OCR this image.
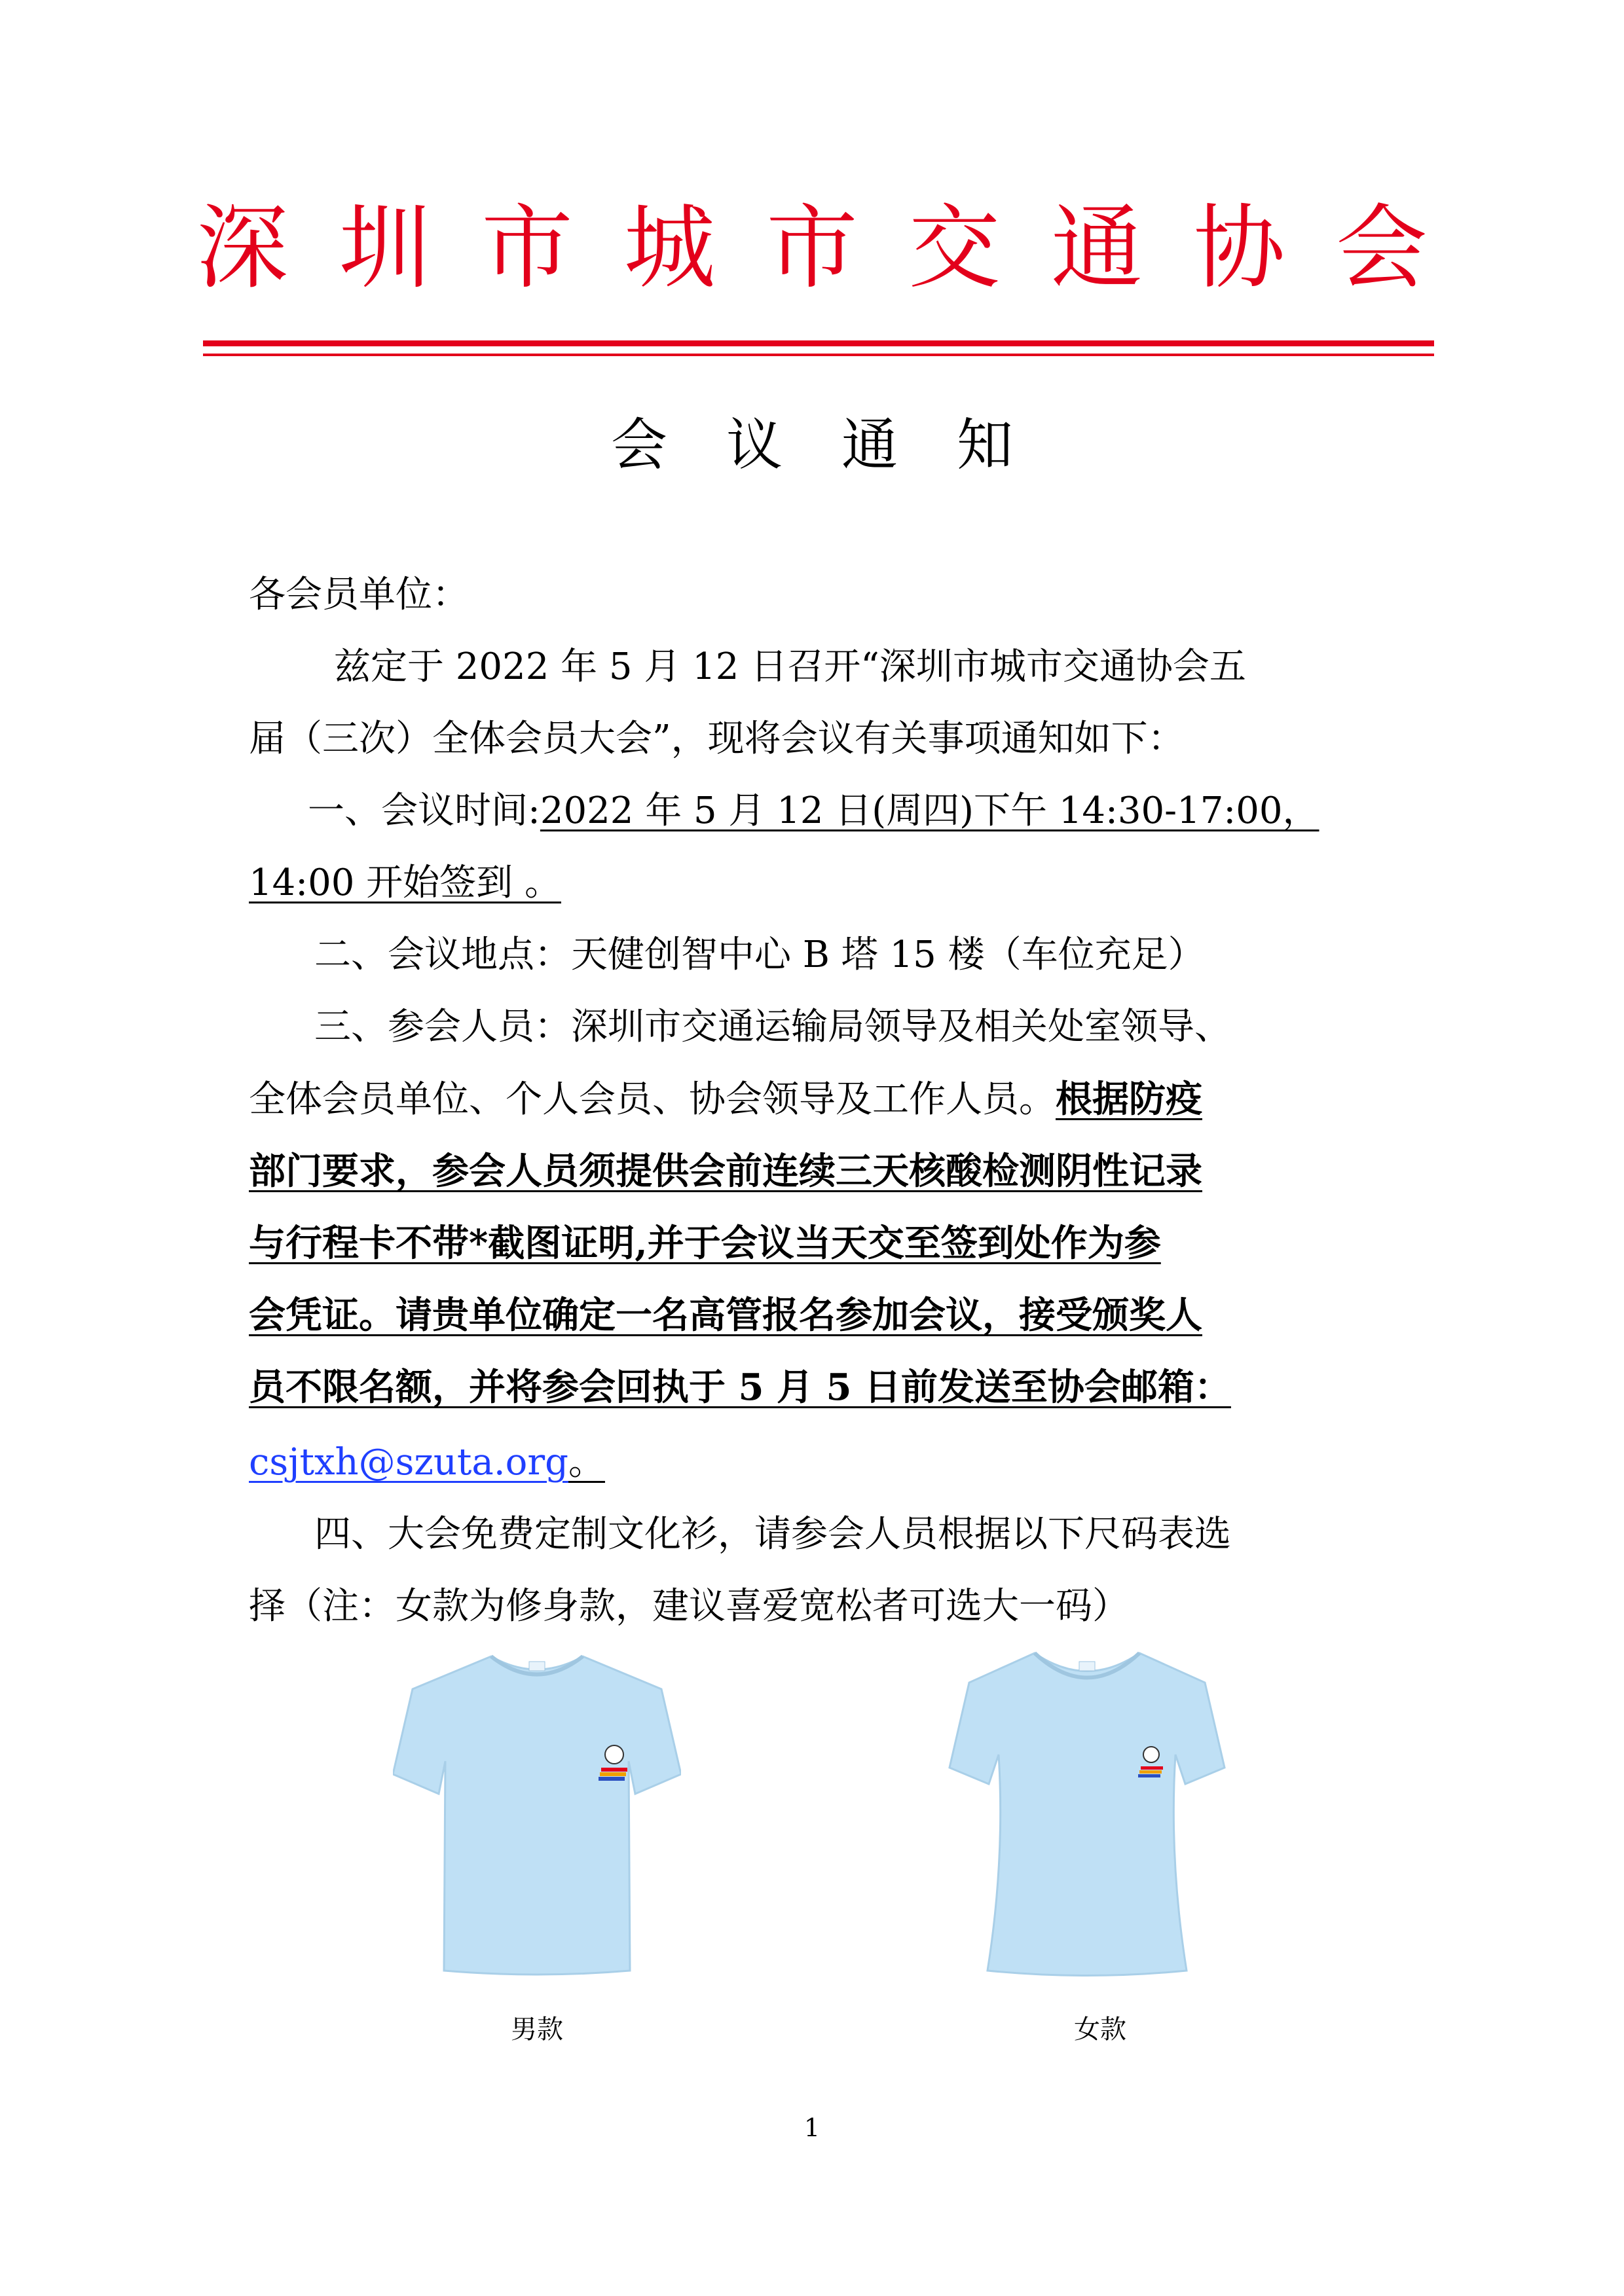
深 圳 市 城 市 交 通 协 会
会议通知
各会员单位：
兹定于 2022 年 5 月 12 日召开“深圳市城市交通协会五
届（三次）全体会员大会”，现将会议有关事项通知如下：
一、会议时间:2022 年 5 月 12 日(周四)下午 14:30-17:00，
14:00 开始签到 。
二、会议地点：天健创智中心 B 塔 15 楼（车位充足）
三、参会人员：深圳市交通运输局领导及相关处室领导、
全体会员单位、个人会员、协会领导及工作人员。根据防疫
部门要求，参会人员须提供会前连续三天核酸检测阴性记录
与行程卡不带*截图证明,并于会议当天交至签到处作为参
会凭证。请贵单位确定一名高管报名参加会议，接受颁奖人
员不限名额，并将参会回执于 5 月 5 日前发送至协会邮箱：
csjtxh@szuta.org。
四、大会免费定制文化衫，请参会人员根据以下尺码表选
择（注：女款为修身款，建议喜爱宽松者可选大一码）
男款	女款
1
